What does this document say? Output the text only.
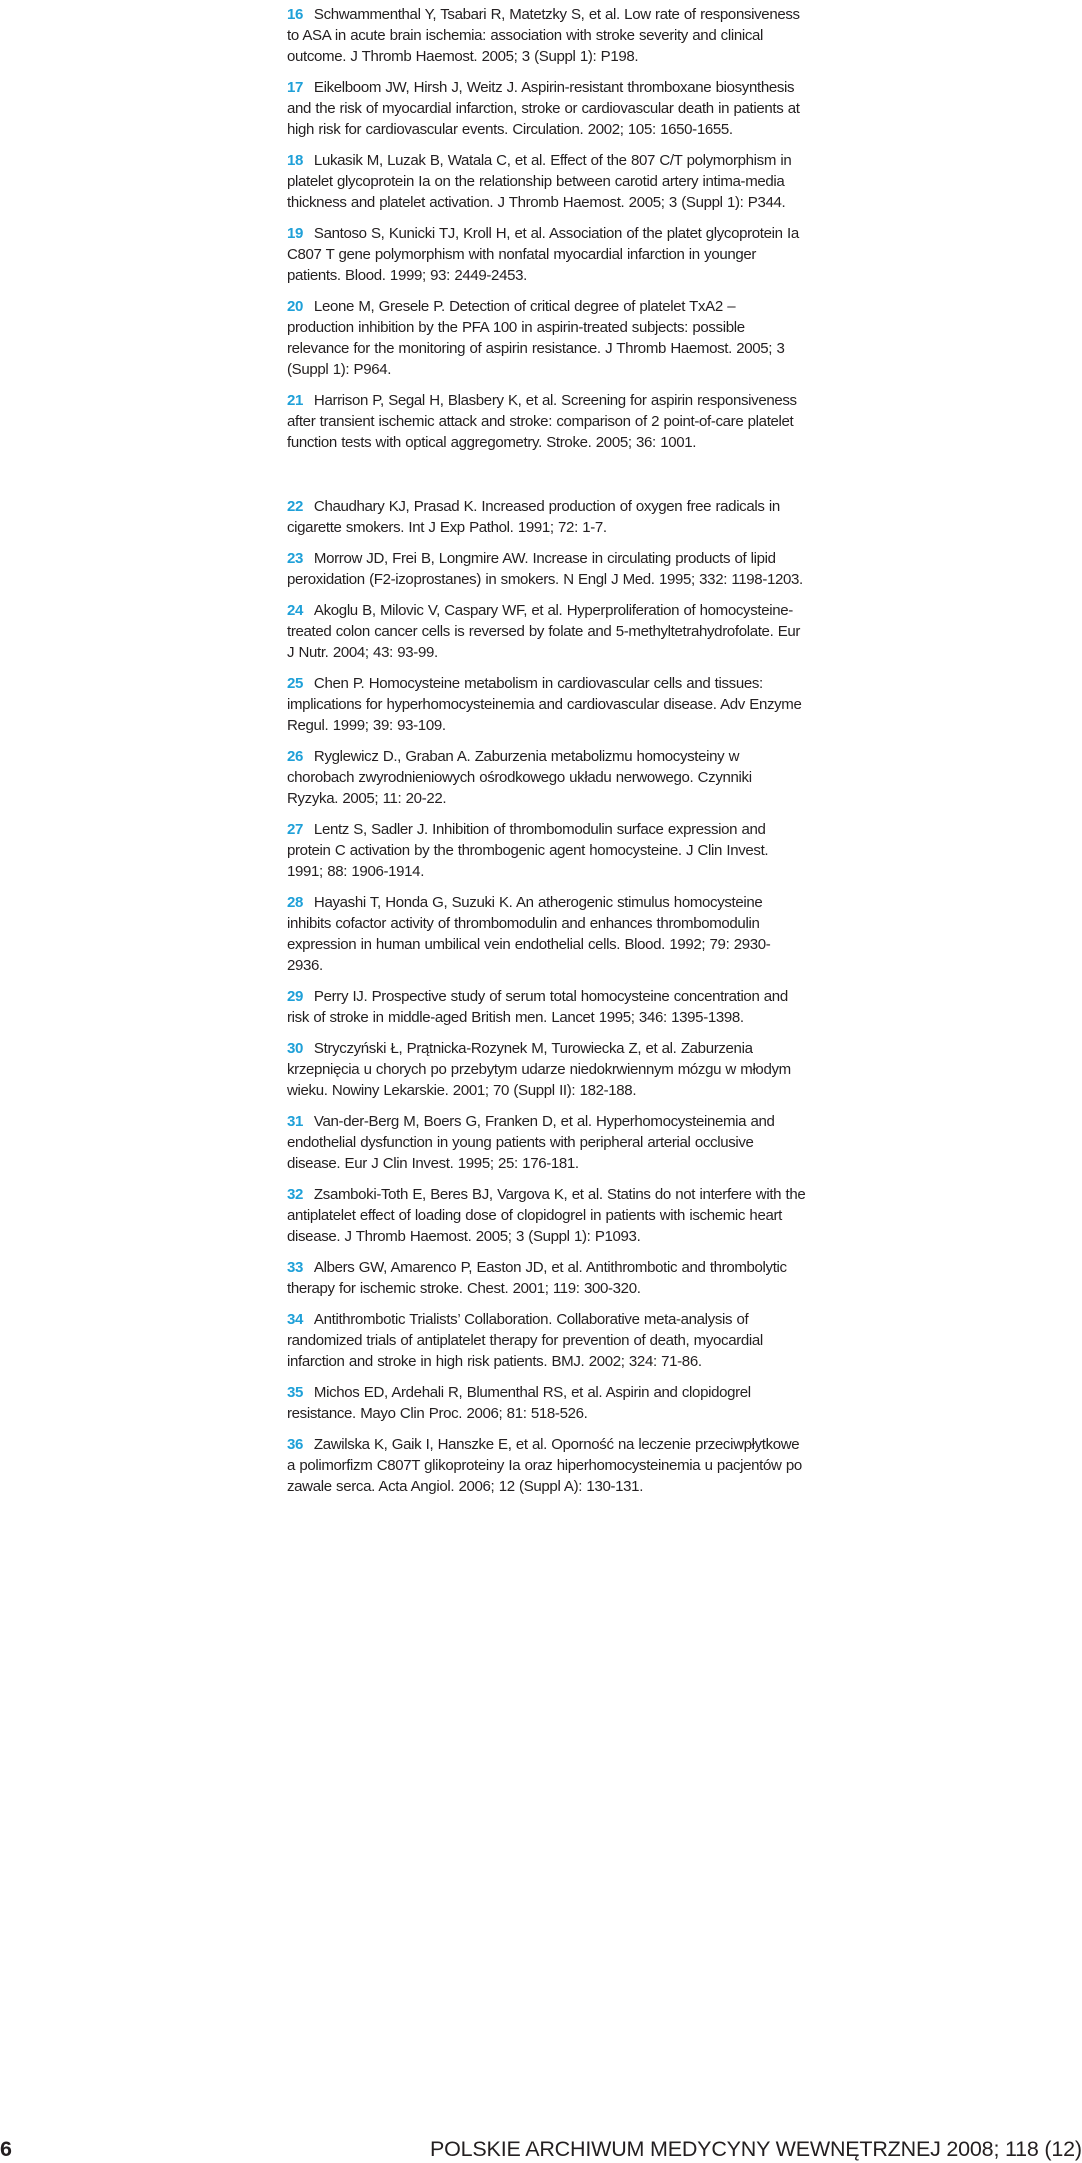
16 Schwammenthal Y, Tsabari R, Matetzky S, et al. Low rate of responsiveness to ASA in acute brain ischemia: association with stroke severity and clinical outcome. J Thromb Haemost. 2005; 3 (Suppl 1): P198.
17 Eikelboom JW, Hirsh J, Weitz J. Aspirin-resistant thromboxane biosynthesis and the risk of myocardial infarction, stroke or cardiovascular death in patients at high risk for cardiovascular events. Circulation. 2002; 105: 1650-1655.
18 Lukasik M, Luzak B, Watala C, et al. Effect of the 807 C/T polymorphism in platelet glycoprotein Ia on the relationship between carotid artery intima-media thickness and platelet activation. J Thromb Haemost. 2005; 3 (Suppl 1): P344.
19 Santoso S, Kunicki TJ, Kroll H, et al. Association of the platet glycoprotein Ia C807 T gene polymorphism with nonfatal myocardial infarction in younger patients. Blood. 1999; 93: 2449-2453.
20 Leone M, Gresele P. Detection of critical degree of platelet TxA2 – production inhibition by the PFA 100 in aspirin-treated subjects: possible relevance for the monitoring of aspirin resistance. J Thromb Haemost. 2005; 3 (Suppl 1): P964.
21 Harrison P, Segal H, Blasbery K, et al. Screening for aspirin responsiveness after transient ischemic attack and stroke: comparison of 2 point-of-care platelet function tests with optical aggregometry. Stroke. 2005; 36: 1001.
22 Chaudhary KJ, Prasad K. Increased production of oxygen free radicals in cigarette smokers. Int J Exp Pathol. 1991; 72: 1-7.
23 Morrow JD, Frei B, Longmire AW. Increase in circulating products of lipid peroxidation (F2-izoprostanes) in smokers. N Engl J Med. 1995; 332: 1198-1203.
24 Akoglu B, Milovic V, Caspary WF, et al. Hyperproliferation of homocysteine-treated colon cancer cells is reversed by folate and 5-methyltetrahydrofolate. Eur J Nutr. 2004; 43: 93-99.
25 Chen P. Homocysteine metabolism in cardiovascular cells and tissues: implications for hyperhomocysteinemia and cardiovascular disease. Adv Enzyme Regul. 1999; 39: 93-109.
26 Ryglewicz D., Graban A. Zaburzenia metabolizmu homocysteiny w chorobach zwyrodnieniowych ośrodkowego układu nerwowego. Czynniki Ryzyka. 2005; 11: 20-22.
27 Lentz S, Sadler J. Inhibition of thrombomodulin surface expression and protein C activation by the thrombogenic agent homocysteine. J Clin Invest. 1991; 88: 1906-1914.
28 Hayashi T, Honda G, Suzuki K. An atherogenic stimulus homocysteine inhibits cofactor activity of thrombomodulin and enhances thrombomodulin expression in human umbilical vein endothelial cells. Blood. 1992; 79: 2930-2936.
29 Perry IJ. Prospective study of serum total homocysteine concentration and risk of stroke in middle-aged British men. Lancet 1995; 346: 1395-1398.
30 Stryczyński Ł, Prątnicka-Rozynek M, Turowiecka Z, et al. Zaburzenia krzepnięcia u chorych po przebytym udarze niedokrwiennym mózgu w młodym wieku. Nowiny Lekarskie. 2001; 70 (Suppl II): 182-188.
31 Van-der-Berg M, Boers G, Franken D, et al. Hyperhomocysteinemia and endothelial dysfunction in young patients with peripheral arterial occlusive disease. Eur J Clin Invest. 1995; 25: 176-181.
32 Zsamboki-Toth E, Beres BJ, Vargova K, et al. Statins do not interfere with the antiplatelet effect of loading dose of clopidogrel in patients with ischemic heart disease. J Thromb Haemost. 2005; 3 (Suppl 1): P1093.
33 Albers GW, Amarenco P, Easton JD, et al. Antithrombotic and thrombolytic therapy for ischemic stroke. Chest. 2001; 119: 300-320.
34 Antithrombotic Trialists’ Collaboration. Collaborative meta-analysis of randomized trials of antiplatelet therapy for prevention of death, myocardial infarction and stroke in high risk patients. BMJ. 2002; 324: 71-86.
35 Michos ED, Ardehali R, Blumenthal RS, et al. Aspirin and clopidogrel resistance. Mayo Clin Proc. 2006; 81: 518-526.
36 Zawilska K, Gaik I, Hanszke E, et al. Oporność na leczenie przeciwpłytkowe a polimorfizm C807T glikoproteiny Ia oraz hiperhomocysteinemia u pacjentów po zawale serca. Acta Angiol. 2006; 12 (Suppl A): 130-131.
6	POLSKIE ARCHIWUM MEDYCYNY WEWNĘTRZNEJ 2008; 118 (12)
